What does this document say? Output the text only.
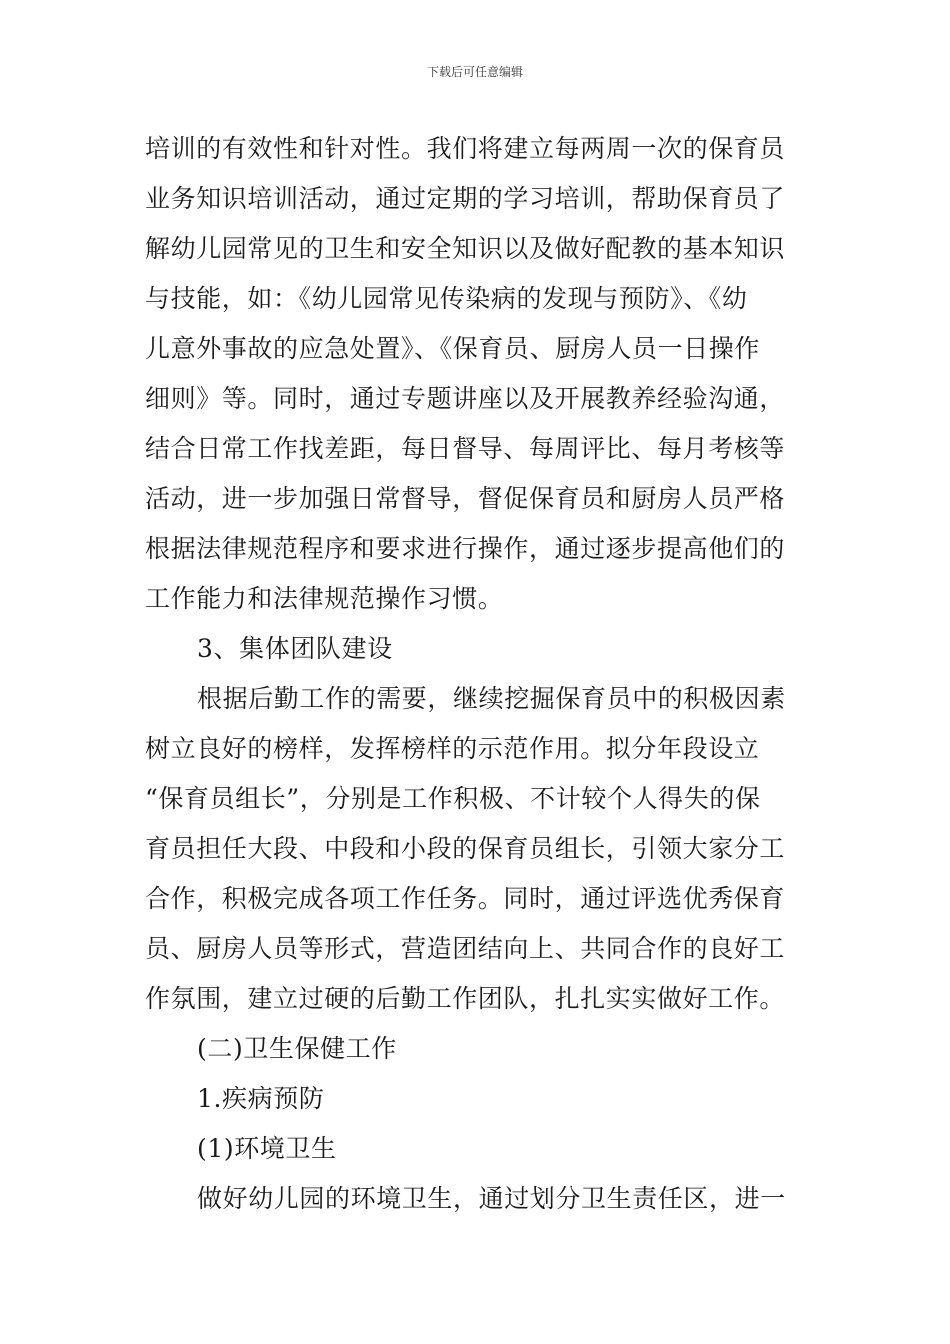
下载后可任意编辑
培训的有效性和针对性。我们将建立每两周一次的保育员
业务知识培训活动，通过定期的学习培训，帮助保育员了
解幼儿园常见的卫生和安全知识以及做好配教的基本知识
与技能，如：《幼儿园常见传染病的发现与预防》、《幼
儿意外事故的应急处置》、《保育员、厨房人员一日操作
细则》等。同时，通过专题讲座以及开展教养经验沟通，
结合日常工作找差距，每日督导、每周评比、每月考核等
活动，进一步加强日常督导，督促保育员和厨房人员严格
根据法律规范程序和要求进行操作，通过逐步提高他们的
工作能力和法律规范操作习惯。
3、集体团队建设
根据后勤工作的需要，继续挖掘保育员中的积极因素
树立良好的榜样，发挥榜样的示范作用。拟分年段设立
“保育员组长”，分别是工作积极、不计较个人得失的保
育员担任大段、中段和小段的保育员组长，引领大家分工
合作，积极完成各项工作任务。同时，通过评选优秀保育
员、厨房人员等形式，营造团结向上、共同合作的良好工
作氛围，建立过硬的后勤工作团队，扎扎实实做好工作。
(二)卫生保健工作
1.疾病预防
(1)环境卫生
做好幼儿园的环境卫生，通过划分卫生责任区，进一
